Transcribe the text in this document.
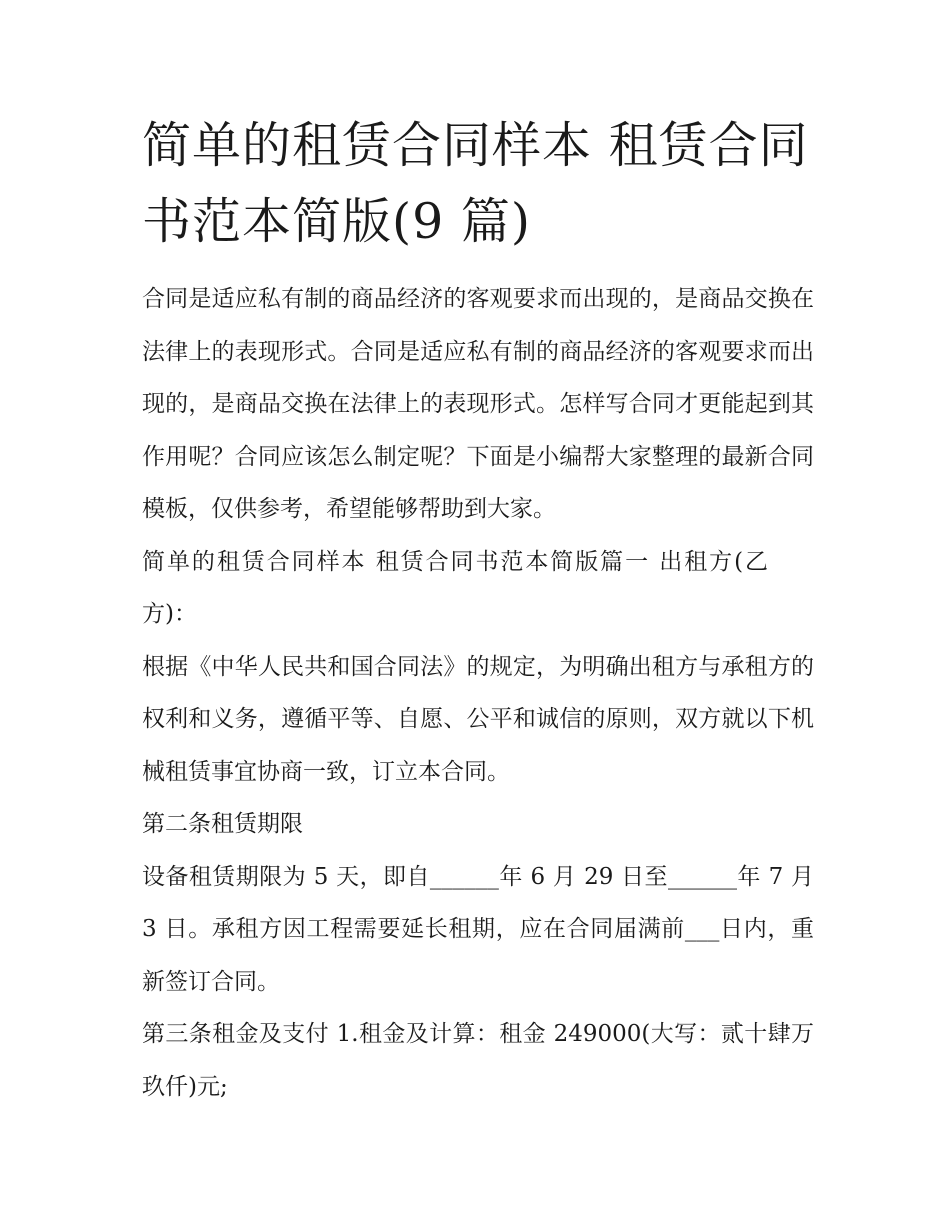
简单的租赁合同样本 租赁合同
书范本简版(9 篇)

合同是适应私有制的商品经济的客观要求而出现的，是商品交换在法律上的表现形式。合同是适应私有制的商品经济的客观要求而出现的，是商品交换在法律上的表现形式。怎样写合同才更能起到其作用呢？合同应该怎么制定呢？下面是小编帮大家整理的最新合同模板，仅供参考，希望能够帮助到大家。

简单的租赁合同样本 租赁合同书范本简版篇一 出租方(乙方)：

根据《中华人民共和国合同法》的规定，为明确出租方与承租方的权利和义务，遵循平等、自愿、公平和诚信的原则，双方就以下机械租赁事宜协商一致，订立本合同。

第二条租赁期限

设备租赁期限为 5 天，即自______年 6 月 29 日至______年 7 月 3 日。承租方因工程需要延长租期，应在合同届满前___日内，重新签订合同。

第三条租金及支付 1.租金及计算：租金 249000(大写：贰十肆万玖仟)元;
